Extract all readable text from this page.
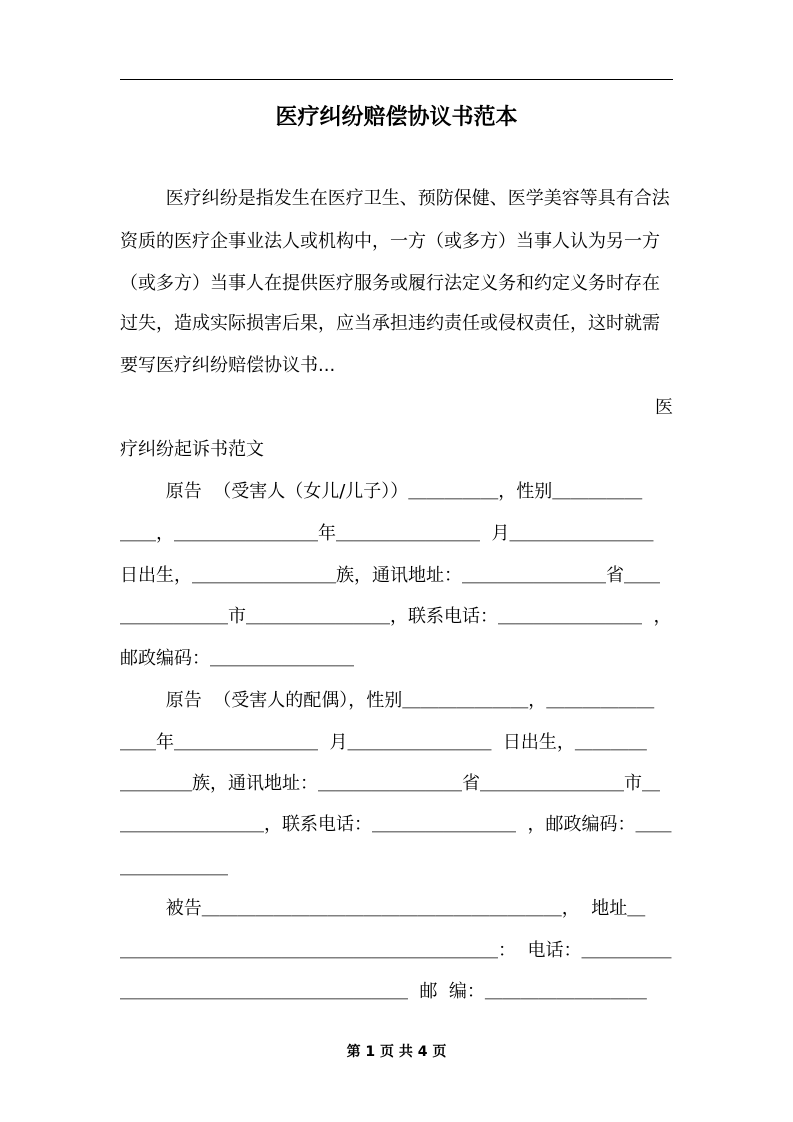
医疗纠纷赔偿协议书范本
医疗纠纷是指发生在医疗卫生、预防保健、医学美容等具有合法
资质的医疗企事业法人或机构中，一方（或多方）当事人认为另一方
（或多方）当事人在提供医疗服务或履行法定义务和约定义务时存在
过失，造成实际损害后果，应当承担违约责任或侵权责任，这时就需
要写医疗纠纷赔偿协议书...
医
疗纠纷起诉书范文
原告  （受害人（女儿/儿子））＿＿＿＿＿，性别＿＿＿＿＿
＿＿，＿＿＿＿＿＿＿＿年＿＿＿＿＿＿＿＿  月＿＿＿＿＿＿＿＿
日出生，＿＿＿＿＿＿＿＿族，通讯地址：＿＿＿＿＿＿＿＿省＿＿
＿＿＿＿＿＿市＿＿＿＿＿＿＿＿，联系电话：＿＿＿＿＿＿＿＿  ，
邮政编码：＿＿＿＿＿＿＿＿
原告  （受害人的配偶），性别＿＿＿＿＿＿＿，＿＿＿＿＿＿
＿＿年＿＿＿＿＿＿＿＿  月＿＿＿＿＿＿＿＿  日出生，＿＿＿＿
＿＿＿＿族，通讯地址：＿＿＿＿＿＿＿＿省＿＿＿＿＿＿＿＿市＿
＿＿＿＿＿＿＿＿，联系电话：＿＿＿＿＿＿＿＿  ，邮政编码：＿＿
＿＿＿＿＿＿
被告＿＿＿＿＿＿＿＿＿＿＿＿＿＿＿＿＿＿＿＿，  地址＿
＿＿＿＿＿＿＿＿＿＿＿＿＿＿＿＿＿＿＿＿＿：  电话：＿＿＿＿＿
＿＿＿＿＿＿＿＿＿＿＿＿＿＿＿＿  邮  编：＿＿＿＿＿＿＿＿＿
第 1 页 共 4 页
